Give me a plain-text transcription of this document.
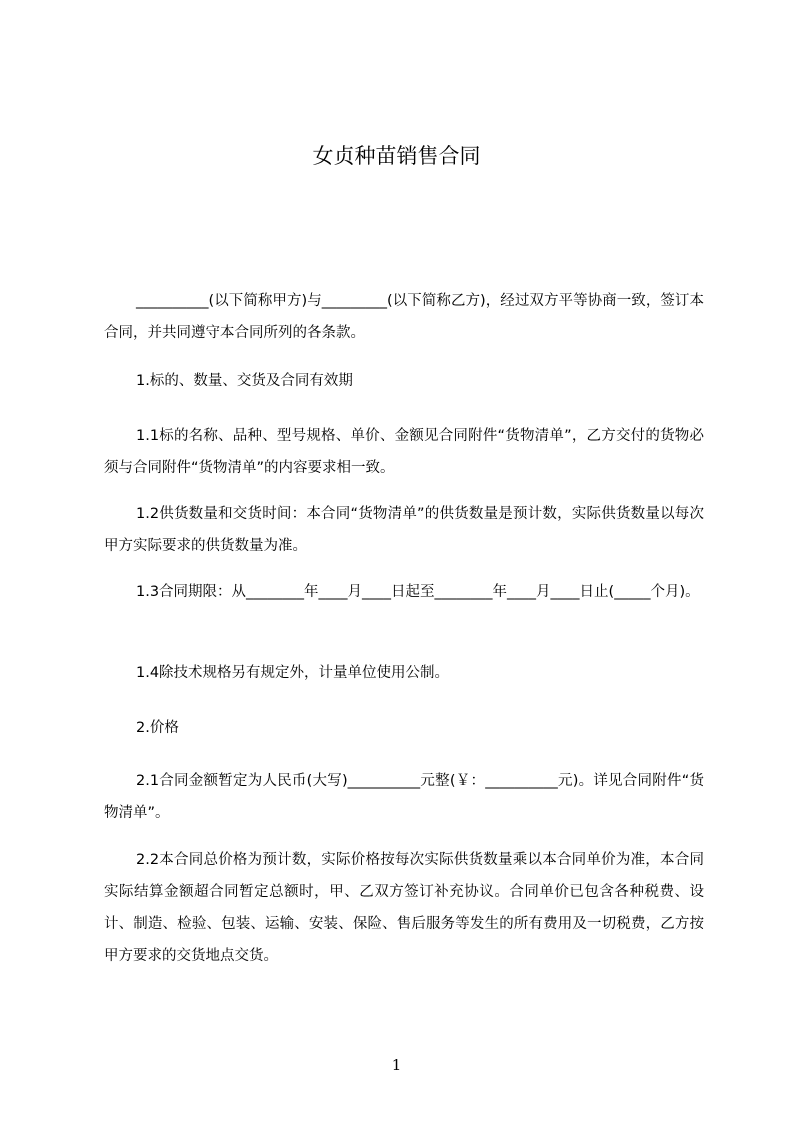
女贞种苗销售合同
__________(以下简称甲方)与_________(以下简称乙方)，经过双方平等协商一致，签订本合同，并共同遵守本合同所列的各条款。
1.标的、数量、交货及合同有效期
1.1标的名称、品种、型号规格、单价、金额见合同附件“货物清单”，乙方交付的货物必须与合同附件“货物清单”的内容要求相一致。
1.2供货数量和交货时间：本合同“货物清单”的供货数量是预计数，实际供货数量以每次甲方实际要求的供货数量为准。
1.3合同期限：从________年____月____日起至________年____月____日止(_____个月)。
1.4除技术规格另有规定外，计量单位使用公制。
2.价格
2.1合同金额暂定为人民币(大写)__________元整(￥：__________元)。详见合同附件“货物清单”。
2.2本合同总价格为预计数，实际价格按每次实际供货数量乘以本合同单价为准，本合同实际结算金额超合同暂定总额时，甲、乙双方签订补充协议。合同单价已包含各种税费、设计、制造、检验、包装、运输、安装、保险、售后服务等发生的所有费用及一切税费，乙方按甲方要求的交货地点交货。
1
